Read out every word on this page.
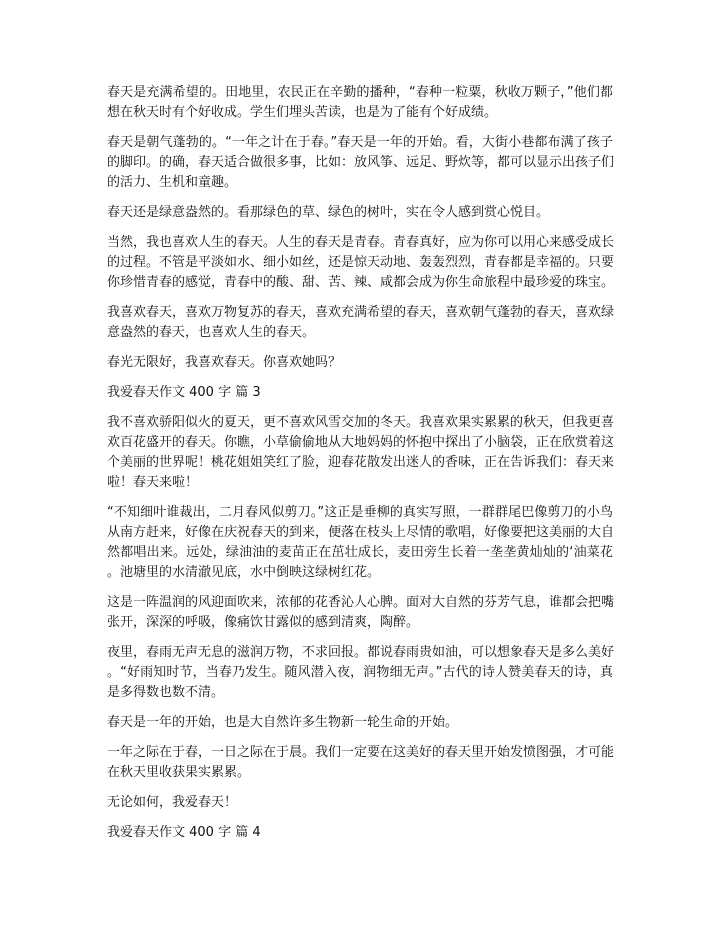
春天是充满希望的。田地里，农民正在辛勤的播种，“春种一粒粟，秋收万颗子，”他们都
想在秋天时有个好收成。学生们埋头苦读，也是为了能有个好成绩。
春天是朝气蓬勃的。“一年之计在于春。”春天是一年的开始。看，大街小巷都布满了孩子
的脚印。的确，春天适合做很多事，比如：放风筝、远足、野炊等，都可以显示出孩子们
的活力、生机和童趣。
春天还是绿意盎然的。看那绿色的草、绿色的树叶，实在令人感到赏心悦目。
当然，我也喜欢人生的春天。人生的春天是青春。青春真好，应为你可以用心来感受成长
的过程。不管是平淡如水、细小如丝，还是惊天动地、轰轰烈烈，青春都是幸福的。只要
你珍惜青春的感觉，青春中的酸、甜、苦、辣、咸都会成为你生命旅程中最珍爱的珠宝。
我喜欢春天，喜欢万物复苏的春天，喜欢充满希望的春天，喜欢朝气蓬勃的春天，喜欢绿
意盎然的春天，也喜欢人生的春天。
春光无限好，我喜欢春天。你喜欢她吗？
我爱春天作文 400 字 篇 3
我不喜欢骄阳似火的夏天，更不喜欢风雪交加的冬天。我喜欢果实累累的秋天，但我更喜
欢百花盛开的春天。你瞧，小草偷偷地从大地妈妈的怀抱中探出了小脑袋，正在欣赏着这
个美丽的世界呢！桃花姐姐笑红了脸，迎春花散发出迷人的香味，正在告诉我们：春天来
啦！春天来啦！
“不知细叶谁裁出，二月春风似剪刀。”这正是垂柳的真实写照，一群群尾巴像剪刀的小鸟
从南方赶来，好像在庆祝春天的到来，便落在枝头上尽情的歌唱，好像要把这美丽的大自
然都唱出来。远处，绿油油的麦苗正在茁壮成长，麦田旁生长着一垄垄黄灿灿的‘油菜花
。池塘里的水清澈见底，水中倒映这绿树红花。
这是一阵温润的风迎面吹来，浓郁的花香沁人心脾。面对大自然的芬芳气息，谁都会把嘴
张开，深深的呼吸，像痛饮甘露似的感到清爽，陶醉。
夜里，春雨无声无息的滋润万物，不求回报。都说春雨贵如油，可以想象春天是多么美好
。“好雨知时节，当春乃发生。随风潜入夜，润物细无声。”古代的诗人赞美春天的诗，真
是多得数也数不清。
春天是一年的开始，也是大自然许多生物新一轮生命的开始。
一年之际在于春，一日之际在于晨。我们一定要在这美好的春天里开始发愤图强，才可能
在秋天里收获果实累累。
无论如何，我爱春天！
我爱春天作文 400 字 篇 4
